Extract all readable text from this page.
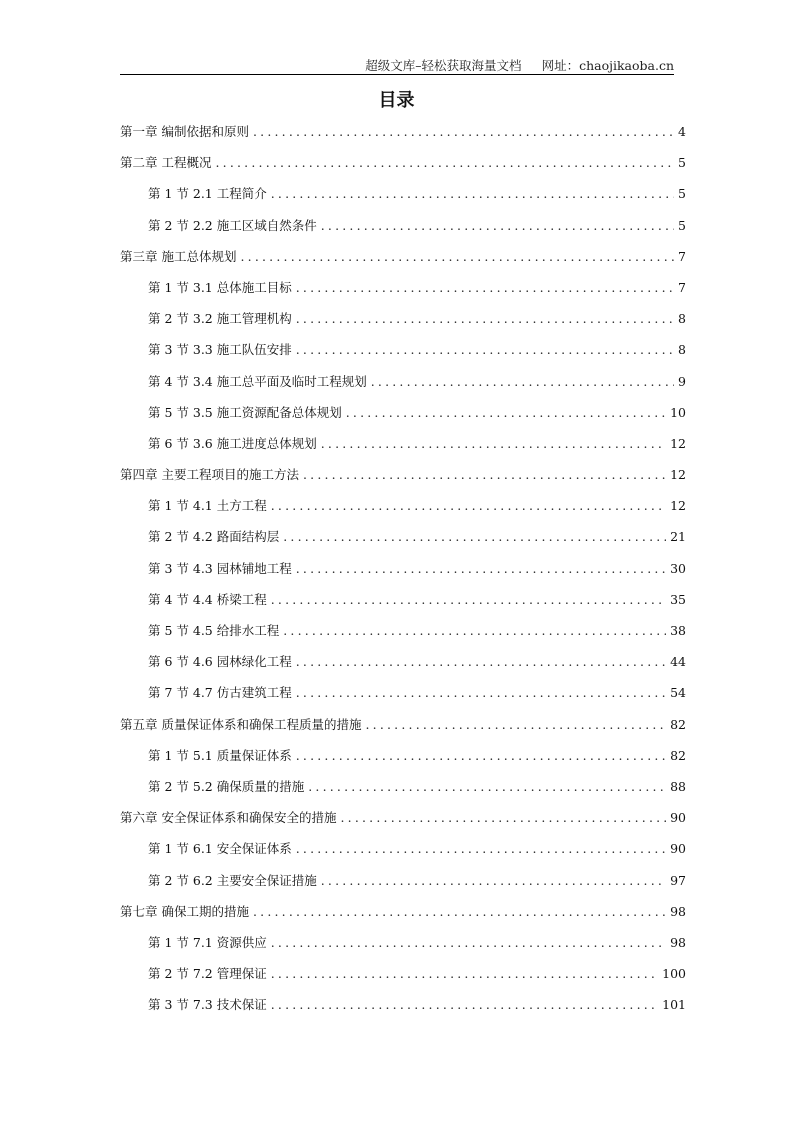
超级文库–轻松获取海量文档 网址：chaojikaoba.cn
目录
第一章 编制依据和原则 .....	4
第二章 工程概况 .....	5
第 1 节 2.1 工程简介 .....	5
第 2 节 2.2 施工区域自然条件 .....	5
第三章 施工总体规划 .....	7
第 1 节 3.1 总体施工目标 .....	7
第 2 节 3.2 施工管理机构 .....	8
第 3 节 3.3 施工队伍安排 .....	8
第 4 节 3.4 施工总平面及临时工程规划 .....	9
第 5 节 3.5 施工资源配备总体规划 .....	10
第 6 节 3.6 施工进度总体规划 .....	12
第四章 主要工程项目的施工方法 .....	12
第 1 节 4.1 土方工程 .....	12
第 2 节 4.2 路面结构层 .....	21
第 3 节 4.3 园林铺地工程 .....	30
第 4 节 4.4 桥梁工程 .....	35
第 5 节 4.5 给排水工程 .....	38
第 6 节 4.6 园林绿化工程 .....	44
第 7 节 4.7 仿古建筑工程 .....	54
第五章 质量保证体系和确保工程质量的措施 .....	82
第 1 节 5.1 质量保证体系 .....	82
第 2 节 5.2 确保质量的措施 .....	88
第六章 安全保证体系和确保安全的措施 .....	90
第 1 节 6.1 安全保证体系 .....	90
第 2 节 6.2 主要安全保证措施 .....	97
第七章 确保工期的措施 .....	98
第 1 节 7.1 资源供应 .....	98
第 2 节 7.2 管理保证 .....	100
第 3 节 7.3 技术保证 .....	101
